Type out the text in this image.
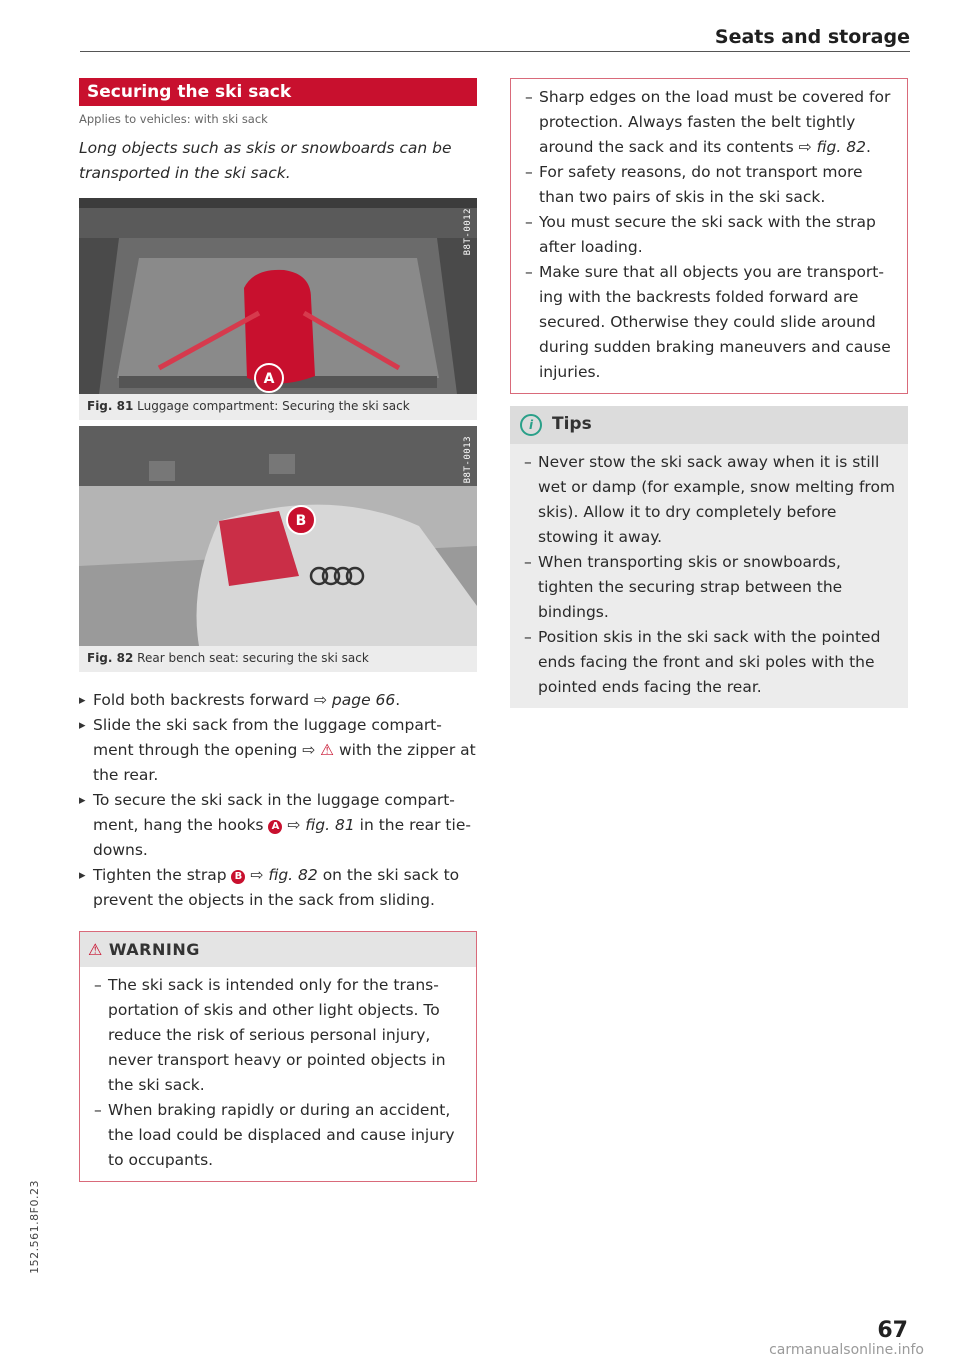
Seats and storage
Securing the ski sack
Applies to vehicles: with ski sack

Long objects such as skis or snowboards can be transported in the ski sack.

A
B8T-0012
Fig. 81 Luggage compartment: Securing the ski sack
B
B8T-0013
Fig. 82 Rear bench seat: securing the ski sack
▸ Fold both backrests forward ⇨ page 66.
▸ Slide the ski sack from the luggage compart- ment through the opening ⇨ ⚠ with the zipper at the rear.
▸ To secure the ski sack in the luggage compart- ment, hang the hooks A ⇨ fig. 81 in the rear tie-downs.
▸ Tighten the strap B ⇨ fig. 82 on the ski sack to prevent the objects in the sack from sliding.
⚠ WARNING
– The ski sack is intended only for the trans- portation of skis and other light objects. To reduce the risk of serious personal injury, never transport heavy or pointed objects in the ski sack.
– When braking rapidly or during an accident, the load could be displaced and cause injury to occupants.
– Sharp edges on the load must be covered for protection. Always fasten the belt tightly around the sack and its contents ⇨ fig. 82.
– For safety reasons, do not transport more than two pairs of skis in the ski sack.
– You must secure the ski sack with the strap after loading.
– Make sure that all objects you are transport- ing with the backrests folded forward are secured. Otherwise they could slide around during sudden braking maneuvers and cause injuries.
i Tips
– Never stow the ski sack away when it is still wet or damp (for example, snow melting from skis). Allow it to dry completely before stowing it away.
– When transporting skis or snowboards, tighten the securing strap between the bindings.
– Position skis in the ski sack with the pointed ends facing the front and ski poles with the pointed ends facing the rear.
152.561.8F0.23
67
carmanualsonline.info
